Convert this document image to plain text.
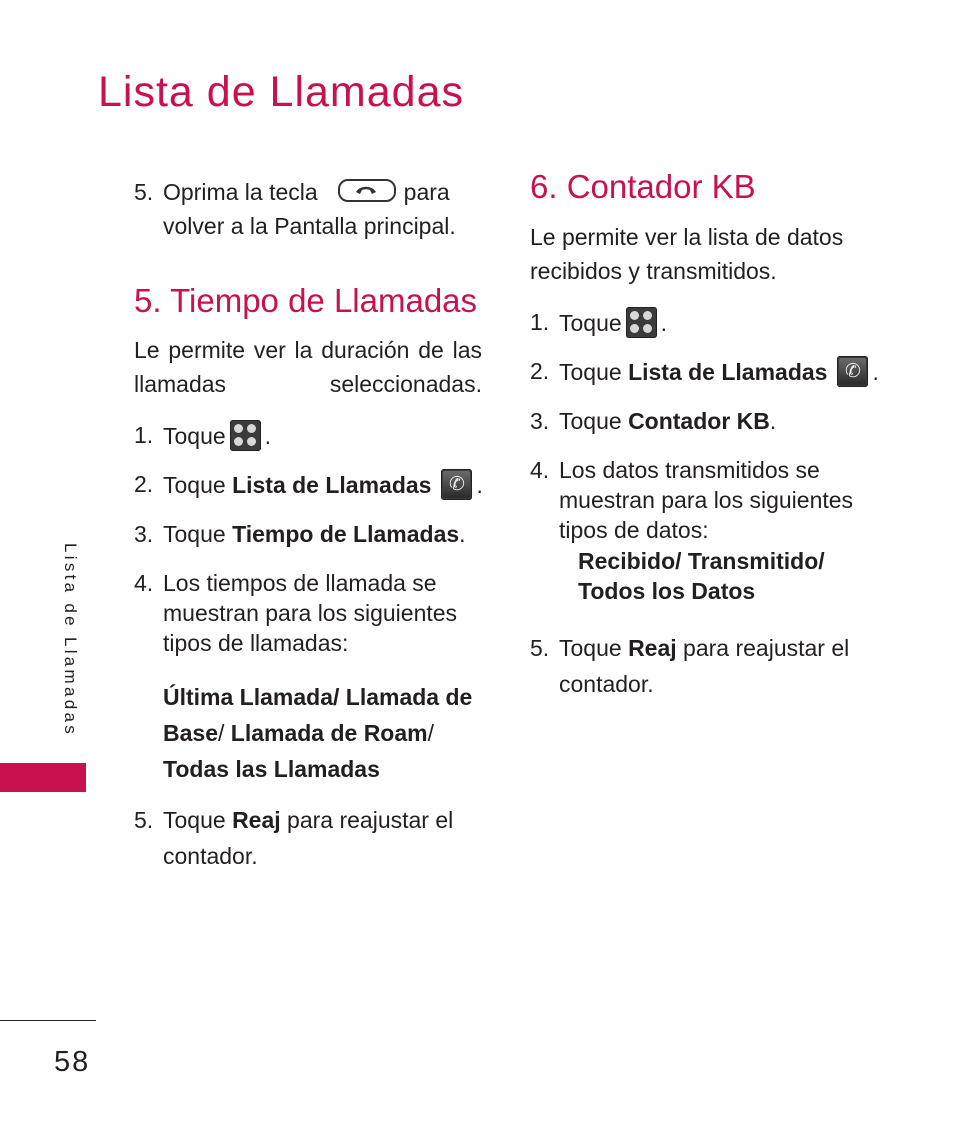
Lista de Llamadas
5. Oprima la tecla	para
volver a la Pantalla principal.
5. Tiempo de Llamadas

Le permite ver la duración de las llamadas seleccionadas.

1. Toque .
2. Toque Lista de Llamadas ✆ .
3. Toque Tiempo de Llamadas.
4. Los tiempos de llamada se muestran para los siguientes tipos de llamadas:
Última Llamada/ Llamada de
Base/ Llamada de Roam/
Todas las Llamadas
5. Toque Reaj para reajustar el contador.
6. Contador KB

Le permite ver la lista de datos recibidos y transmitidos.

1. Toque .
2. Toque Lista de Llamadas ✆ .
3. Toque Contador KB.
4. Los datos transmitidos se muestran para los siguientes tipos de datos:
Recibido/ Transmitido/
Todos los Datos
5. Toque Reaj para reajustar el contador.
Lista de Llamadas
58
